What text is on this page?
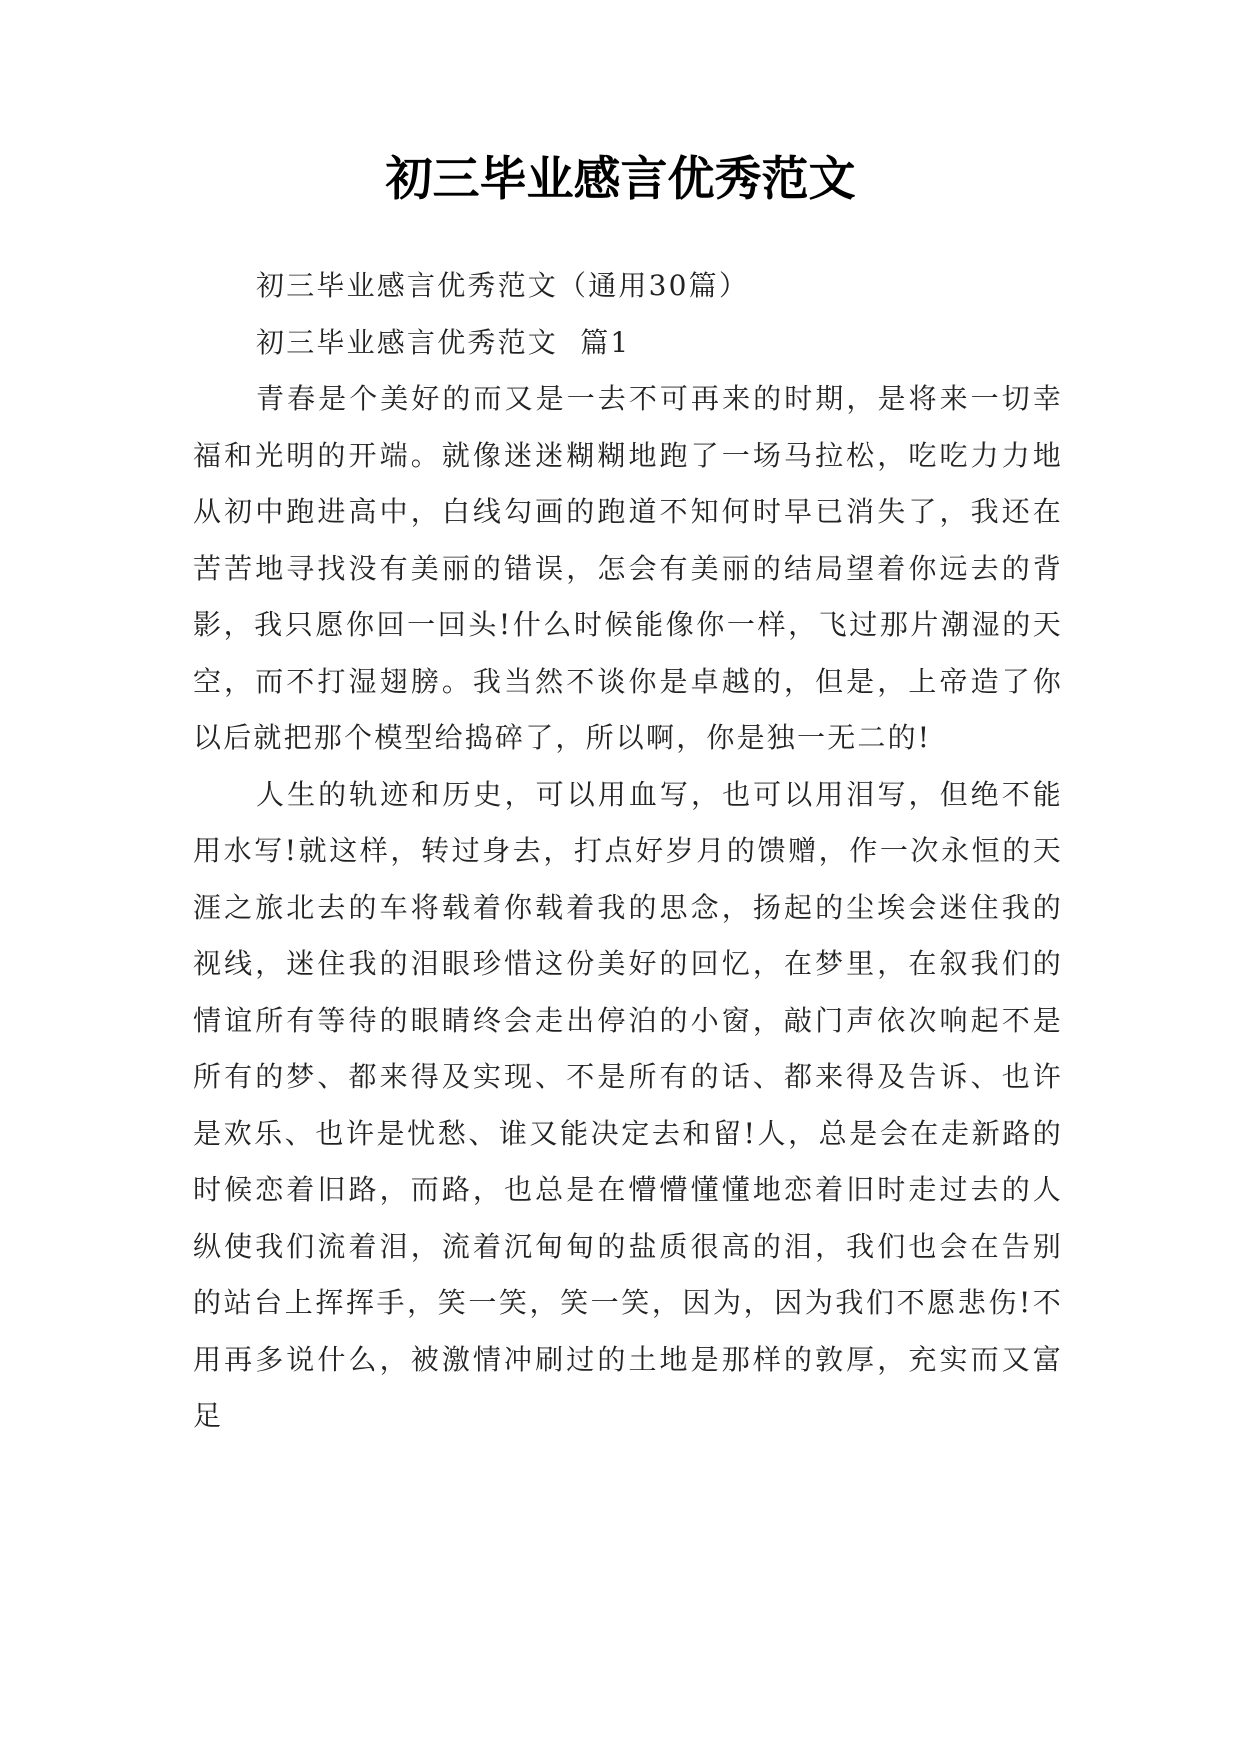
初三毕业感言优秀范文

初三毕业感言优秀范文（通用30篇）

初三毕业感言优秀范文  篇1

青春是个美好的而又是一去不可再来的时期，是将来一切幸福和光明的开端。就像迷迷糊糊地跑了一场马拉松，吃吃力力地从初中跑进高中，白线勾画的跑道不知何时早已消失了，我还在苦苦地寻找没有美丽的错误，怎会有美丽的结局望着你远去的背影，我只愿你回一回头!什么时候能像你一样，飞过那片潮湿的天空，而不打湿翅膀。我当然不谈你是卓越的，但是，上帝造了你以后就把那个模型给捣碎了，所以啊，你是独一无二的!

人生的轨迹和历史，可以用血写，也可以用泪写，但绝不能用水写!就这样，转过身去，打点好岁月的馈赠，作一次永恒的天涯之旅北去的车将载着你载着我的思念，扬起的尘埃会迷住我的视线，迷住我的泪眼珍惜这份美好的回忆，在梦里，在叙我们的情谊所有等待的眼睛终会走出停泊的小窗，敲门声依次响起不是所有的梦、都来得及实现、不是所有的话、都来得及告诉、也许是欢乐、也许是忧愁、谁又能决定去和留!人，总是会在走新路的时候恋着旧路，而路，也总是在懵懵懂懂地恋着旧时走过去的人纵使我们流着泪，流着沉甸甸的盐质很高的泪，我们也会在告别的站台上挥挥手，笑一笑，笑一笑，因为，因为我们不愿悲伤!不用再多说什么，被激情冲刷过的土地是那样的敦厚，充实而又富足
